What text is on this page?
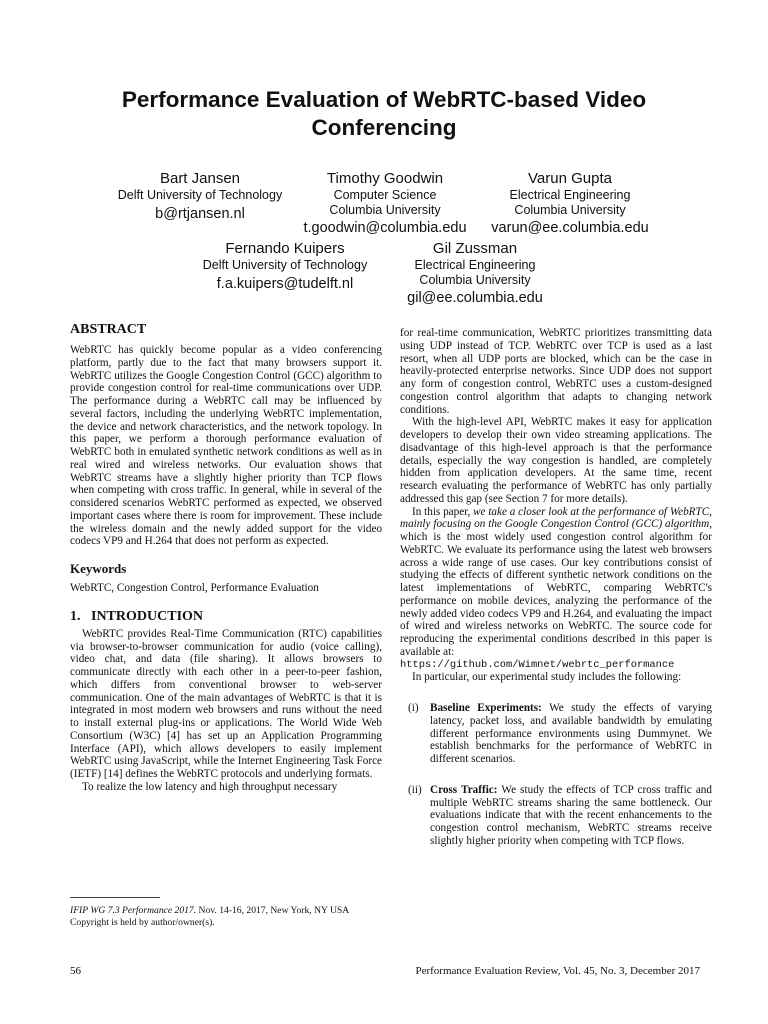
Performance Evaluation of WebRTC-based Video Conferencing
Bart Jansen
Delft University of Technology
b@rtjansen.nl
Timothy Goodwin
Computer Science
Columbia University
t.goodwin@columbia.edu
Varun Gupta
Electrical Engineering
Columbia University
varun@ee.columbia.edu
Fernando Kuipers
Delft University of Technology
f.a.kuipers@tudelft.nl
Gil Zussman
Electrical Engineering
Columbia University
gil@ee.columbia.edu
ABSTRACT

WebRTC has quickly become popular as a video conferencing platform, partly due to the fact that many browsers support it. WebRTC utilizes the Google Congestion Control (GCC) algorithm to provide congestion control for real-time communications over UDP. The performance during a WebRTC call may be influenced by several factors, including the underlying WebRTC implementation, the device and network characteristics, and the network topology. In this paper, we perform a thorough performance evaluation of WebRTC both in emulated synthetic network conditions as well as in real wired and wireless networks. Our evaluation shows that WebRTC streams have a slightly higher priority than TCP flows when competing with cross traffic. In general, while in several of the considered scenarios WebRTC performed as expected, we observed important cases where there is room for improvement. These include the wireless domain and the newly added support for the video codecs VP9 and H.264 that does not perform as expected.

Keywords

WebRTC, Congestion Control, Performance Evaluation

1.   INTRODUCTION

WebRTC provides Real-Time Communication (RTC) capabilities via browser-to-browser communication for audio (voice calling), video chat, and data (file sharing). It allows browsers to communicate directly with each other in a peer-to-peer fashion, which differs from conventional browser to web-server communication. One of the main advantages of WebRTC is that it is integrated in most modern web browsers and runs without the need to install external plug-ins or applications. The World Wide Web Consortium (W3C) [4] has set up an Application Programming Interface (API), which allows developers to easily implement WebRTC using JavaScript, while the Internet Engineering Task Force (IETF) [14] defines the WebRTC protocols and underlying formats.

To realize the low latency and high throughput necessary

for real-time communication, WebRTC prioritizes transmitting data using UDP instead of TCP. WebRTC over TCP is used as a last resort, when all UDP ports are blocked, which can be the case in heavily-protected enterprise networks. Since UDP does not support any form of congestion control, WebRTC uses a custom-designed congestion control algorithm that adapts to changing network conditions.

With the high-level API, WebRTC makes it easy for application developers to develop their own video streaming applications. The disadvantage of this high-level approach is that the performance details, especially the way congestion is handled, are completely hidden from application developers. At the same time, recent research evaluating the performance of WebRTC has only partially addressed this gap (see Section 7 for more details).

In this paper, we take a closer look at the performance of WebRTC, mainly focusing on the Google Congestion Control (GCC) algorithm, which is the most widely used congestion control algorithm for WebRTC. We evaluate its performance using the latest web browsers across a wide range of use cases. Our key contributions consist of studying the effects of different synthetic network conditions on the latest implementations of WebRTC, comparing WebRTC's performance on mobile devices, analyzing the performance of the newly added video codecs VP9 and H.264, and evaluating the impact of wired and wireless networks on WebRTC. The source code for reproducing the experimental conditions described in this paper is available at:

https://github.com/Wimnet/webrtc_performance

In particular, our experimental study includes the following:

(i) Baseline Experiments: We study the effects of varying latency, packet loss, and available bandwidth by emulating different performance environments using Dummynet. We establish benchmarks for the performance of WebRTC in different scenarios.
(ii) Cross Traffic: We study the effects of TCP cross traffic and multiple WebRTC streams sharing the same bottleneck. Our evaluations indicate that with the recent enhancements to the congestion control mechanism, WebRTC streams receive slightly higher priority when competing with TCP flows.
IFIP WG 7.3 Performance 2017. Nov. 14-16, 2017, New York, NY USA
Copyright is held by author/owner(s).
56	Performance Evaluation Review, Vol. 45, No. 3, December 2017
